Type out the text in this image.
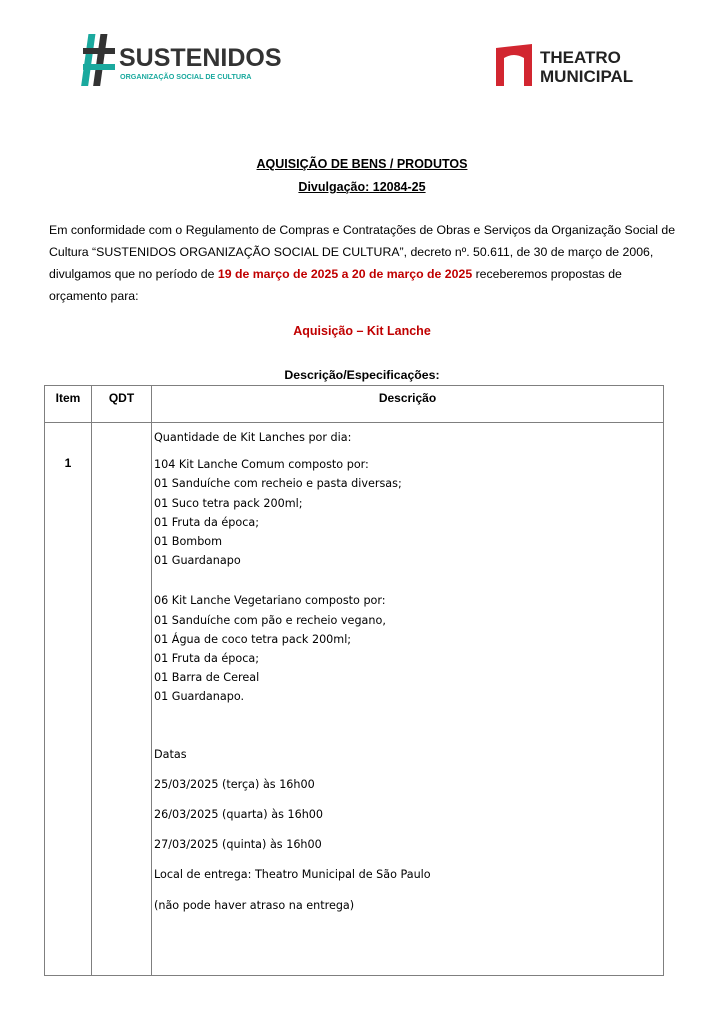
SUSTENIDOS
ORGANIZAÇÃO SOCIAL DE CULTURA
THEATRO
MUNICIPAL
AQUISIÇÃO DE BENS / PRODUTOS
Divulgação: 12084-25
Em conformidade com o Regulamento de Compras e Contratações de Obras e Serviços da Organização Social de Cultura “SUSTENIDOS ORGANIZAÇÃO SOCIAL DE CULTURA”, decreto nº. 50.611, de 30 de março de 2006, divulgamos que no período de 19 de março de 2025 a 20 de março de 2025 receberemos propostas de orçamento para:
Aquisição – Kit Lanche
Descrição/Especificações:
Item	QDT	Descrição
1

Quantidade de Kit Lanches por dia:

104 Kit Lanche Comum composto por:

01 Sanduíche com recheio e pasta diversas;

01 Suco tetra pack 200ml;

01 Fruta da época;

01 Bombom

01 Guardanapo

06 Kit Lanche Vegetariano composto por:

01 Sanduíche com pão e recheio vegano,

01 Água de coco tetra pack 200ml;

01 Fruta da época;

01 Barra de Cereal

01 Guardanapo.

Datas

25/03/2025 (terça) às 16h00

26/03/2025 (quarta) às 16h00

27/03/2025 (quinta) às 16h00

Local de entrega: Theatro Municipal de São Paulo

(não pode haver atraso na entrega)
